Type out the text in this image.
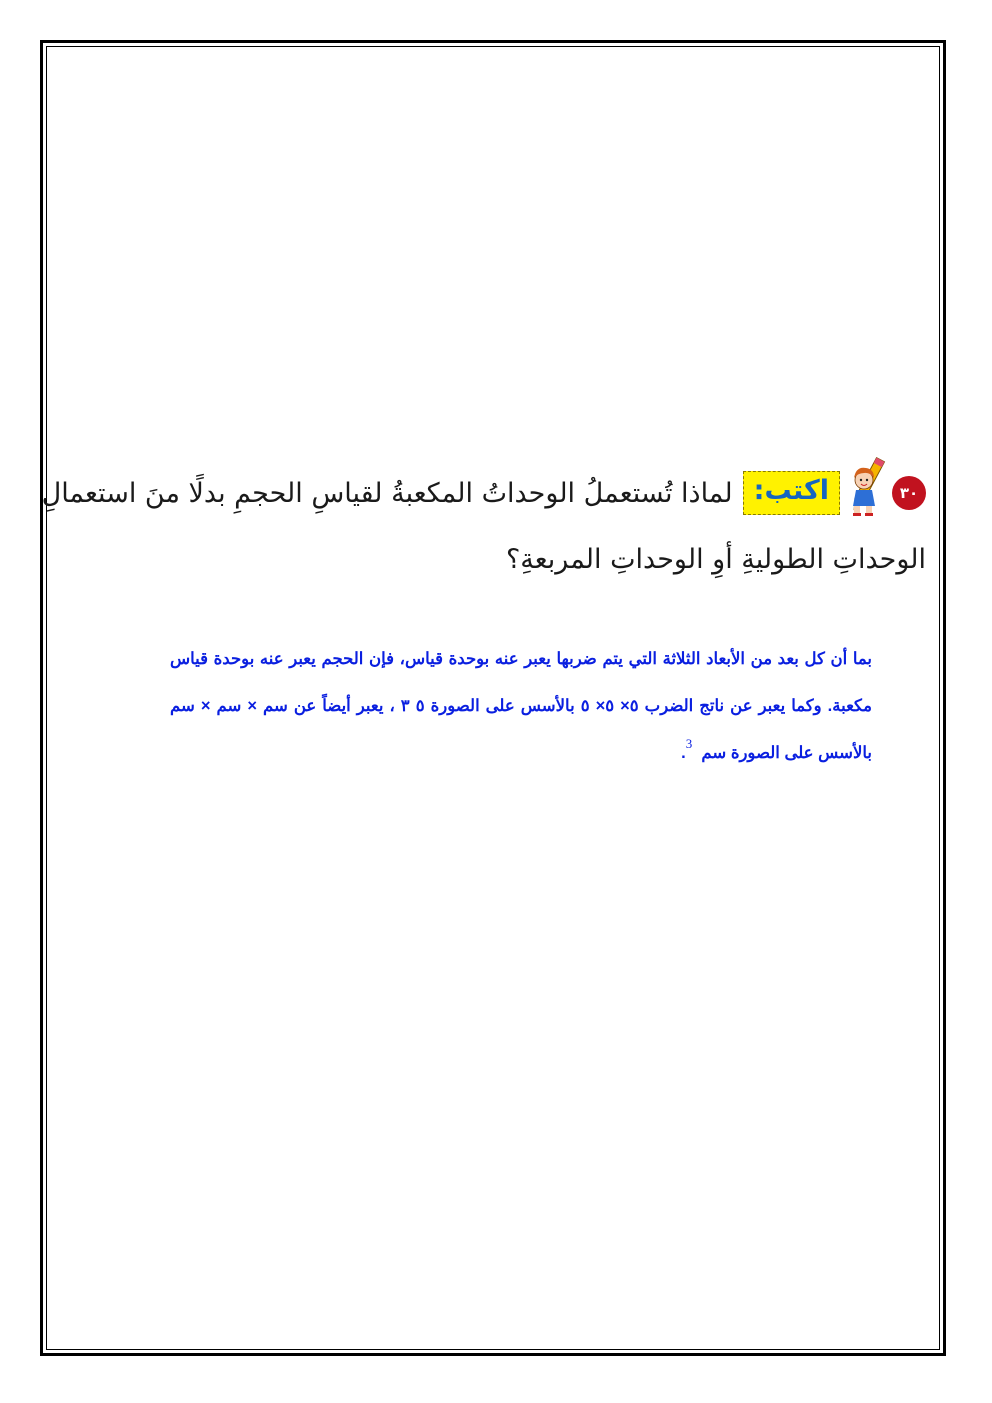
٣٠
اكتب:
لماذا تُستعملُ الوحداتُ المكعبةُ لقياسِ الحجمِ بدلًا منَ استعمالِ
الوحداتِ الطوليةِ أوِ الوحداتِ المربعةِ؟
بما أن كل بعد من الأبعاد الثلاثة التي يتم ضربها يعبر عنه بوحدة قياس، فإن الحجم يعبر عنه بوحدة قياس مكعبة. وكما يعبر عن ناتج الضرب ٥× ٥× ٥ بالأسس على الصورة ٥ ٣ ، يعبر أيضاً عن سم × سم × سم بالأسس على الصورة سم  $^3$.
